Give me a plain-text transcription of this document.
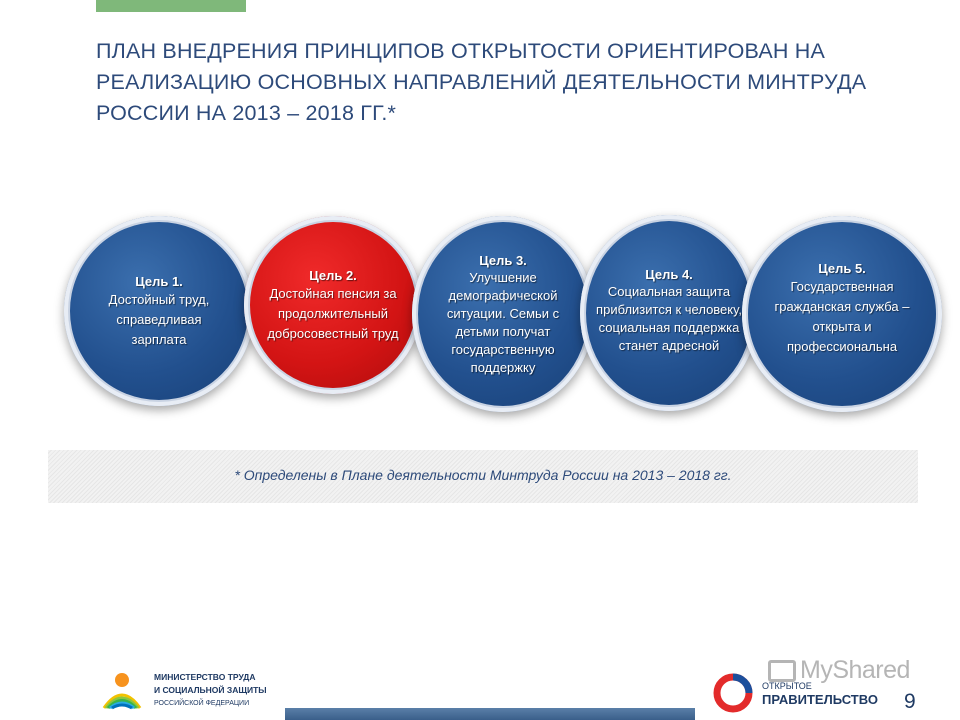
ПЛАН ВНЕДРЕНИЯ ПРИНЦИПОВ ОТКРЫТОСТИ ОРИЕНТИРОВАН НА РЕАЛИЗАЦИЮ ОСНОВНЫХ НАПРАВЛЕНИЙ ДЕЯТЕЛЬНОСТИ МИНТРУДА РОССИИ НА 2013 – 2018 ГГ.*
Цель 1.
Достойный труд, справедливая зарплата
Цель 2.
Достойная пенсия за продолжительный добросовестный труд
Цель 3.
Улучшение демографической ситуации. Семьи с детьми получат государственную поддержку
Цель 4.
Социальная защита приблизится к человеку, социальная поддержка станет адресной
Цель 5.
Государственная гражданская служба – открыта и профессиональна
* Определены в Плане деятельности Минтруда России на 2013 – 2018 гг.
МИНИСТЕРСТВО ТРУДА
И СОЦИАЛЬНОЙ ЗАЩИТЫ
РОССИЙСКОЙ ФЕДЕРАЦИИ
MyShared
ОТКРЫТОЕ
ПРАВИТЕЛЬСТВО 9
